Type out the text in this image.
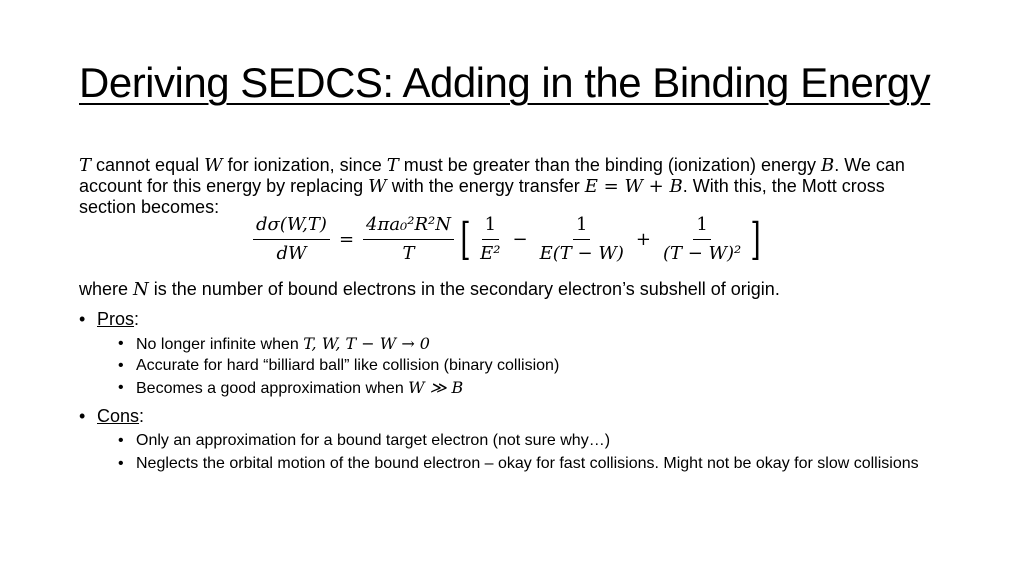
Deriving SEDCS: Adding in the Binding Energy
T cannot equal W for ionization, since T must be greater than the binding (ionization) energy B. We can account for this energy by replacing W with the energy transfer E = W + B. With this, the Mott cross section becomes:
$\frac{d\sigma(W,T)}{dW} = \frac{\text{4πa₀²R²N}}{T}$ [ $\frac{1}{\text{E²}} - \frac{1}{E(T - W)} + \frac{1}{\text{(T − W)²}}$ ]
where N is the number of bound electrons in the secondary electron’s subshell of origin.
• Pros:
• No longer infinite when T, W, T − W → 0
• Accurate for hard “billiard ball” like collision (binary collision)
• Becomes a good approximation when W ≫ B
• Cons:
• Only an approximation for a bound target electron (not sure why…)
• Neglects the orbital motion of the bound electron – okay for fast collisions. Might not be okay for slow collisions
